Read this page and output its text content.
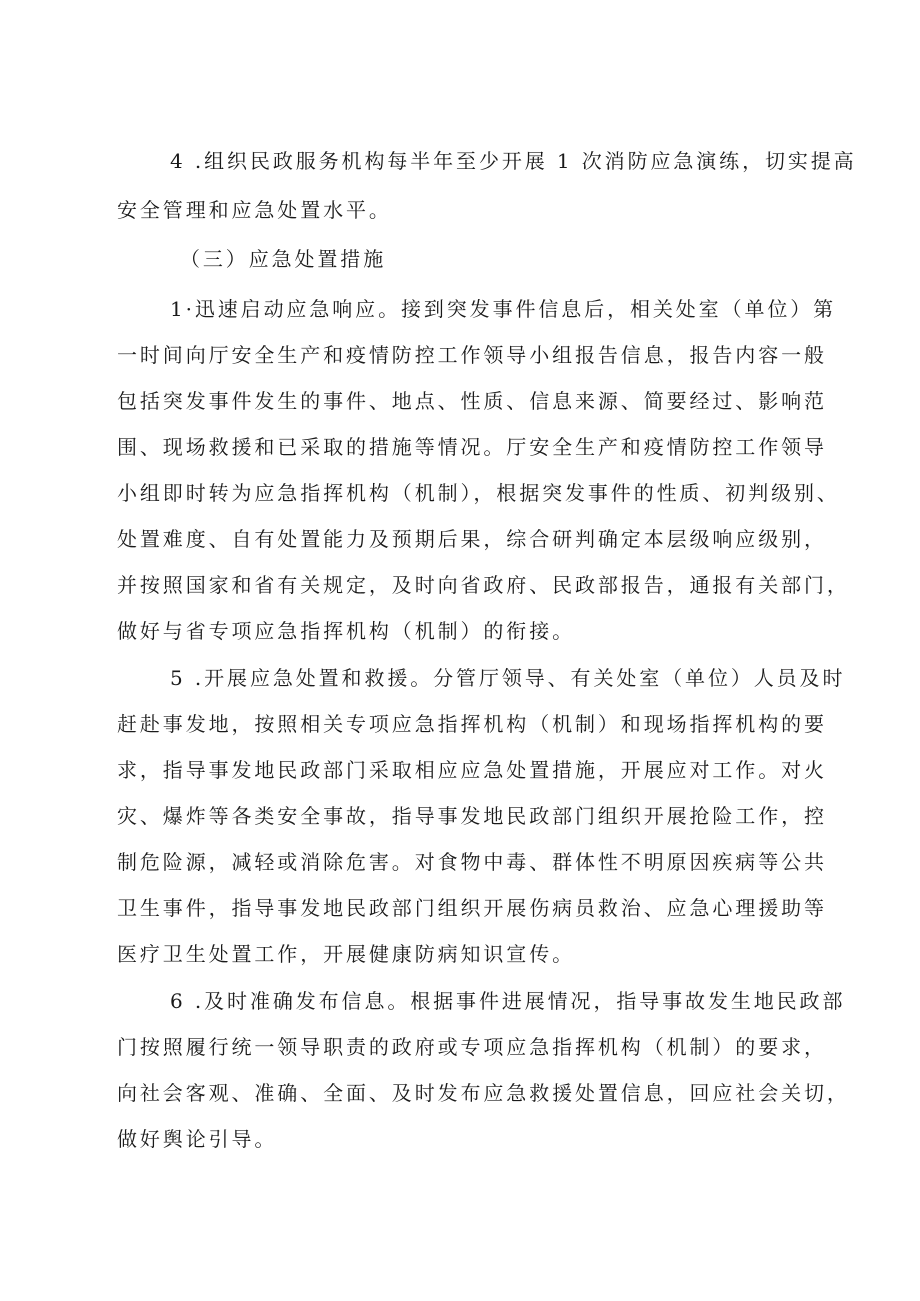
4 .组织民政服务机构每半年至少开展 1 次消防应急演练，切实提高
安全管理和应急处置水平。
（三）应急处置措施
1·迅速启动应急响应。接到突发事件信息后，相关处室（单位）第
一时间向厅安全生产和疫情防控工作领导小组报告信息，报告内容一般
包括突发事件发生的事件、地点、性质、信息来源、简要经过、影响范
围、现场救援和已采取的措施等情况。厅安全生产和疫情防控工作领导
小组即时转为应急指挥机构（机制），根据突发事件的性质、初判级别、
处置难度、自有处置能力及预期后果，综合研判确定本层级响应级别，
并按照国家和省有关规定，及时向省政府、民政部报告，通报有关部门，
做好与省专项应急指挥机构（机制）的衔接。
5 .开展应急处置和救援。分管厅领导、有关处室（单位）人员及时
赶赴事发地，按照相关专项应急指挥机构（机制）和现场指挥机构的要
求，指导事发地民政部门采取相应应急处置措施，开展应对工作。对火
灾、爆炸等各类安全事故，指导事发地民政部门组织开展抢险工作，控
制危险源，减轻或消除危害。对食物中毒、群体性不明原因疾病等公共
卫生事件，指导事发地民政部门组织开展伤病员救治、应急心理援助等
医疗卫生处置工作，开展健康防病知识宣传。
6 .及时准确发布信息。根据事件进展情况，指导事故发生地民政部
门按照履行统一领导职责的政府或专项应急指挥机构（机制）的要求，
向社会客观、准确、全面、及时发布应急救援处置信息，回应社会关切，
做好舆论引导。
